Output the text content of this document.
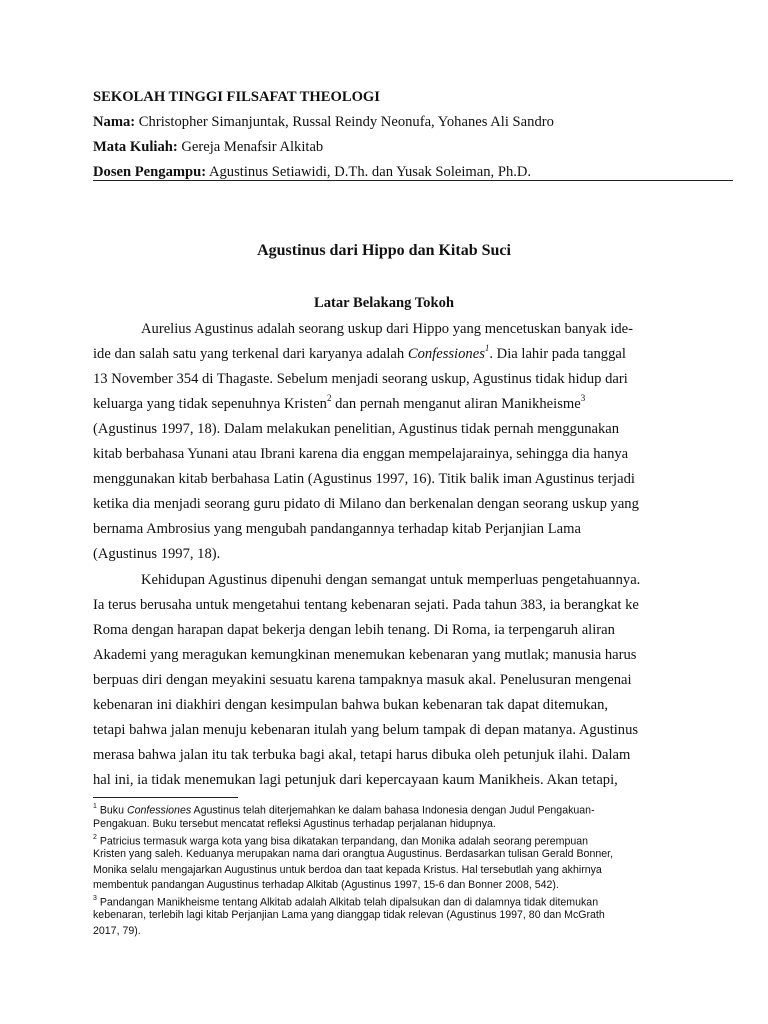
SEKOLAH TINGGI FILSAFAT THEOLOGI
Nama: Christopher Simanjuntak, Russal Reindy Neonufa, Yohanes Ali Sandro
Mata Kuliah: Gereja Menafsir Alkitab
Dosen Pengampu: Agustinus Setiawidi, D.Th. dan Yusak Soleiman, Ph.D.
Agustinus dari Hippo dan Kitab Suci
Latar Belakang Tokoh
Aurelius Agustinus adalah seorang uskup dari Hippo yang mencetuskan banyak ide-
ide dan salah satu yang terkenal dari karyanya adalah Confessiones$^1$. Dia lahir pada tanggal
13 November 354 di Thagaste. Sebelum menjadi seorang uskup, Agustinus tidak hidup dari
keluarga yang tidak sepenuhnya Kristen$^2$ dan pernah menganut aliran Manikheisme$^3$
(Agustinus 1997, 18). Dalam melakukan penelitian, Agustinus tidak pernah menggunakan
kitab berbahasa Yunani atau Ibrani karena dia enggan mempelajarainya, sehingga dia hanya
menggunakan kitab berbahasa Latin (Agustinus 1997, 16). Titik balik iman Agustinus terjadi
ketika dia menjadi seorang guru pidato di Milano dan berkenalan dengan seorang uskup yang
bernama Ambrosius yang mengubah pandangannya terhadap kitab Perjanjian Lama
(Agustinus 1997, 18).
Kehidupan Agustinus dipenuhi dengan semangat untuk memperluas pengetahuannya.
Ia terus berusaha untuk mengetahui tentang kebenaran sejati. Pada tahun 383, ia berangkat ke
Roma dengan harapan dapat bekerja dengan lebih tenang. Di Roma, ia terpengaruh aliran
Akademi yang meragukan kemungkinan menemukan kebenaran yang mutlak; manusia harus
berpuas diri dengan meyakini sesuatu karena tampaknya masuk akal. Penelusuran mengenai
kebenaran ini diakhiri dengan kesimpulan bahwa bukan kebenaran tak dapat ditemukan,
tetapi bahwa jalan menuju kebenaran itulah yang belum tampak di depan matanya. Agustinus
merasa bahwa jalan itu tak terbuka bagi akal, tetapi harus dibuka oleh petunjuk ilahi. Dalam
hal ini, ia tidak menemukan lagi petunjuk dari kepercayaan kaum Manikheis. Akan tetapi,
$^1$ Buku Confessiones Agustinus telah diterjemahkan ke dalam bahasa Indonesia dengan Judul Pengakuan-
Pengakuan. Buku tersebut mencatat refleksi Agustinus terhadap perjalanan hidupnya.
$^2$ Patricius termasuk warga kota yang bisa dikatakan terpandang, dan Monika adalah seorang perempuan
Kristen yang saleh. Keduanya merupakan nama dari orangtua Augustinus. Berdasarkan tulisan Gerald Bonner,
Monika selalu mengajarkan Augustinus untuk berdoa dan taat kepada Kristus. Hal tersebutlah yang akhirnya
membentuk pandangan Augustinus terhadap Alkitab (Agustinus 1997, 15-6 dan Bonner 2008, 542).
$^3$ Pandangan Manikheisme tentang Alkitab adalah Alkitab telah dipalsukan dan di dalamnya tidak ditemukan
kebenaran, terlebih lagi kitab Perjanjian Lama yang dianggap tidak relevan (Agustinus 1997, 80 dan McGrath
2017, 79).
